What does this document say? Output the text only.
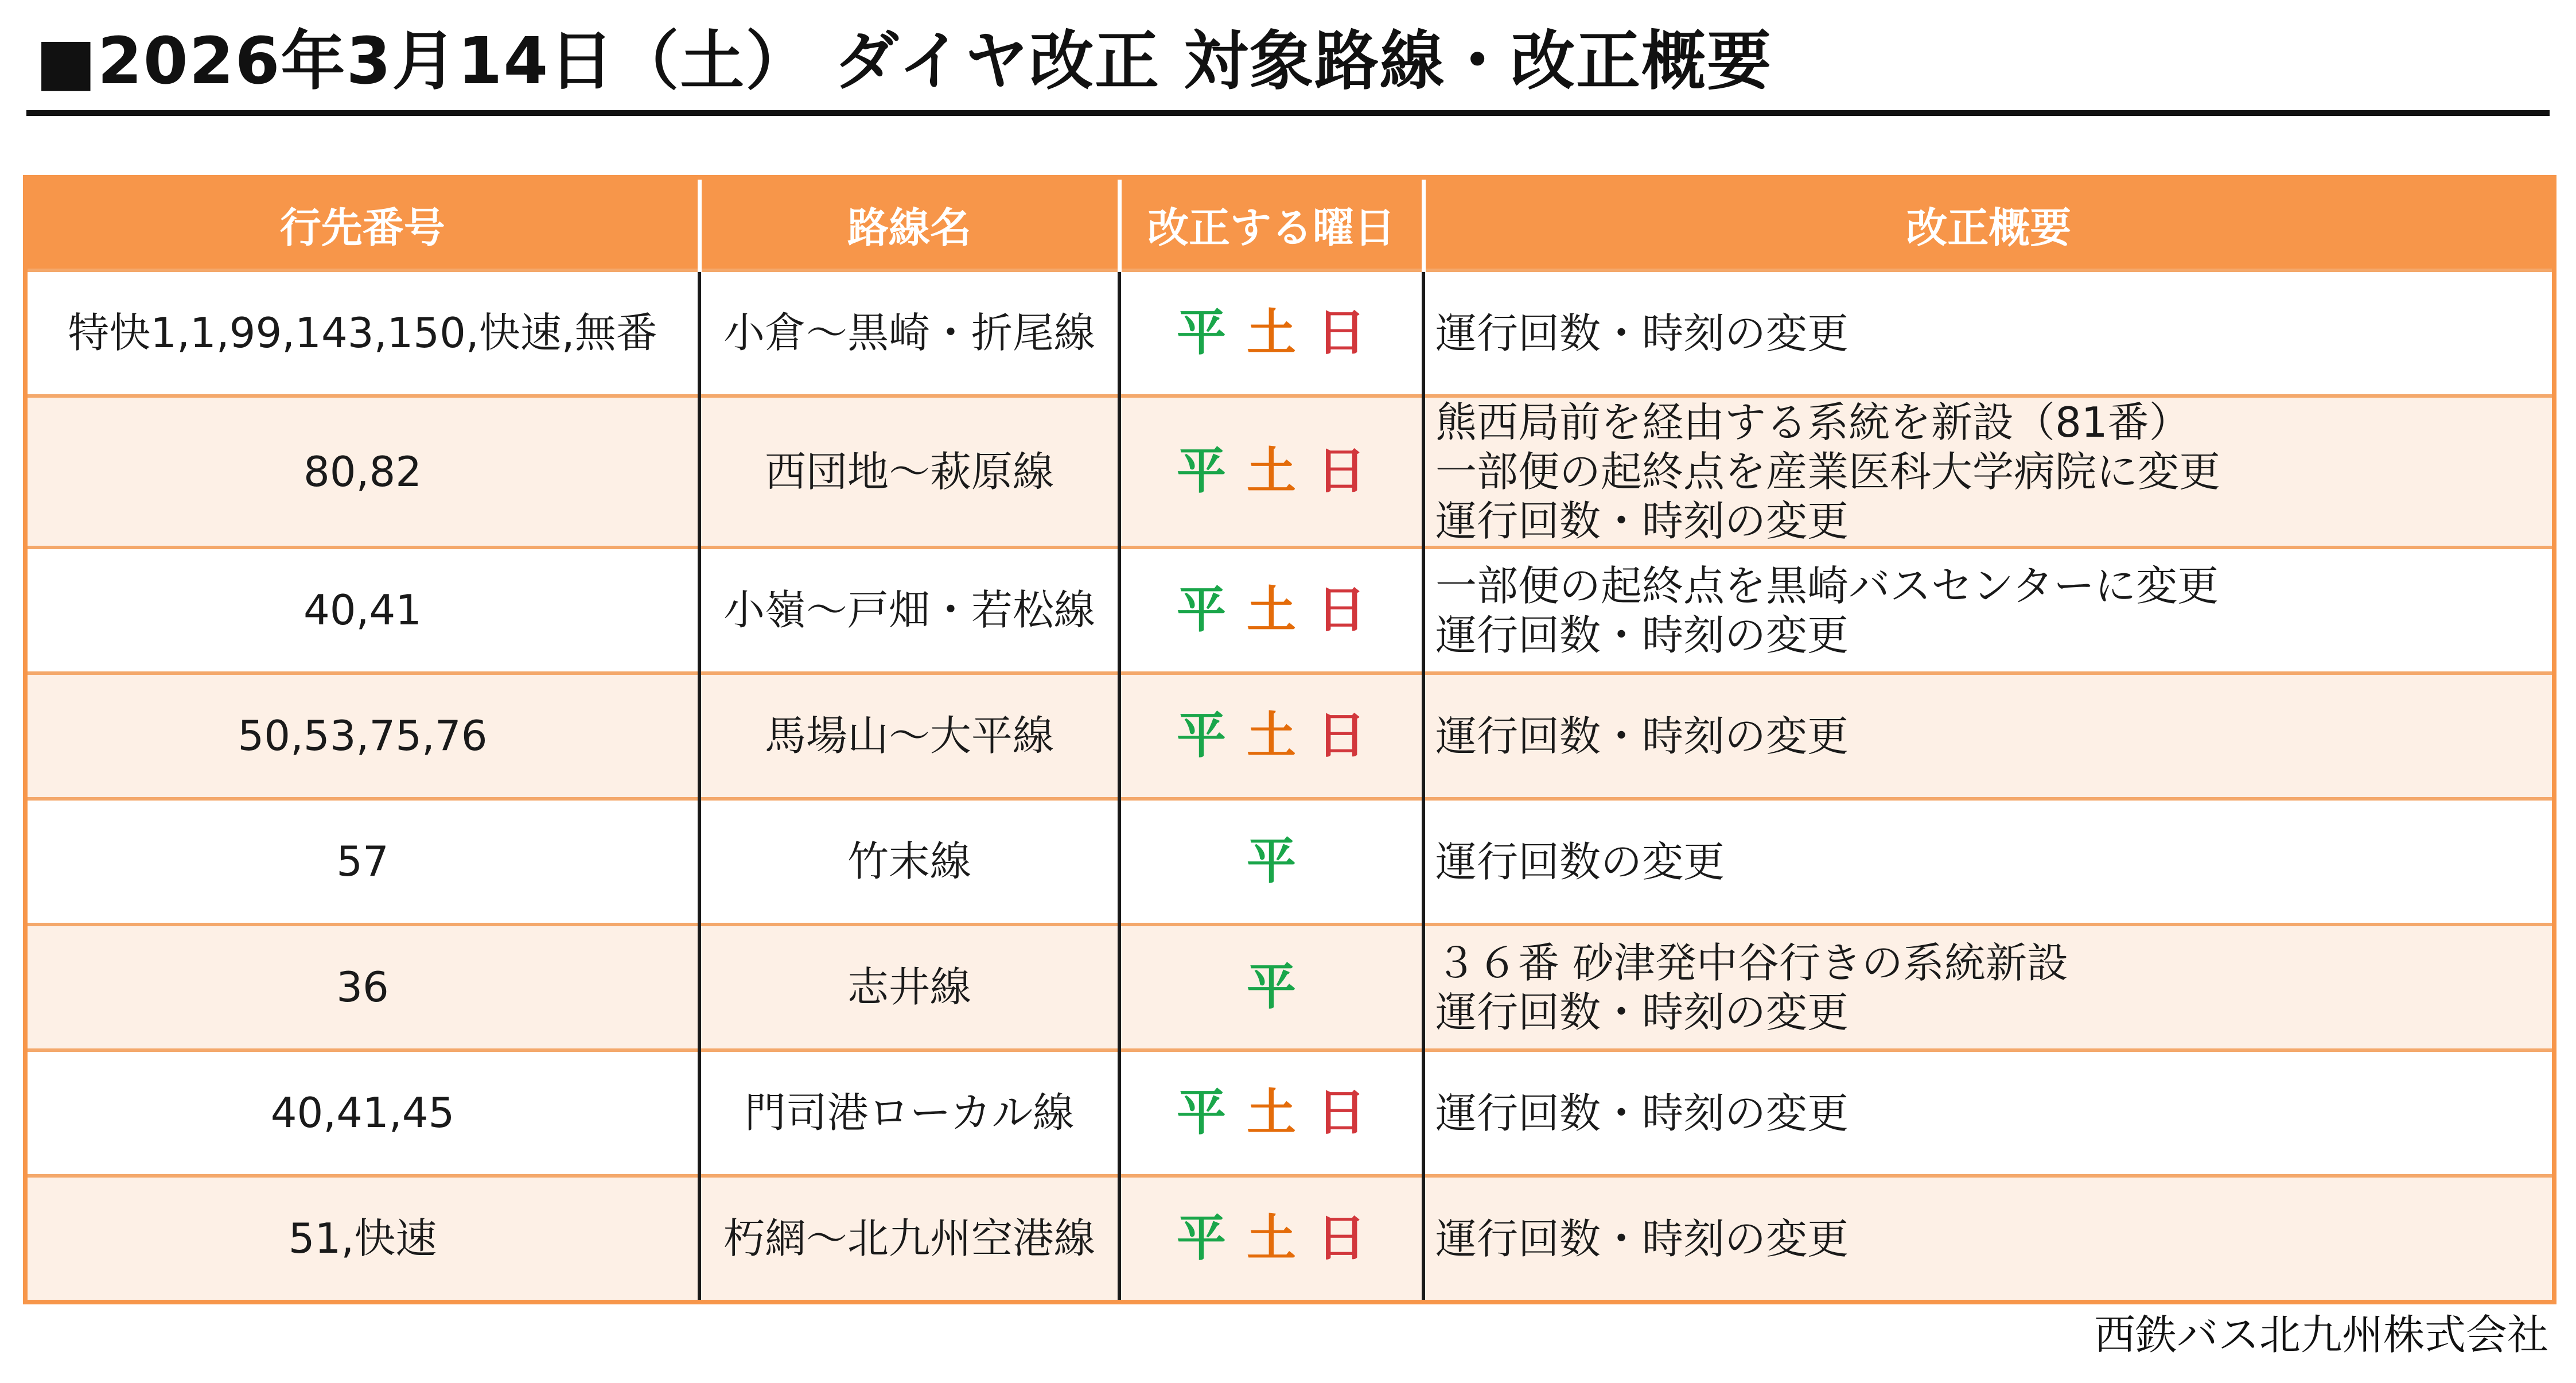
■2026年3月14日（土） ダイヤ改正 対象路線・改正概要
行先番号	路線名	改正する曜日	改正概要
特快1,1,99,143,150,快速,無番	小倉～黒崎・折尾線	平 土 日	運行回数・時刻の変更

80,82	西団地～萩原線	平 土 日	熊西局前を経由する系統を新設（81番）
一部便の起終点を産業医科大学病院に変更
運行回数・時刻の変更

40,41	小嶺～戸畑・若松線	平 土 日	一部便の起終点を黒崎バスセンターに変更
運行回数・時刻の変更

50,53,75,76	馬場山～大平線	平 土 日	運行回数・時刻の変更

57	竹末線	平	運行回数の変更

36	志井線	平	３６番 砂津発中谷行きの系統新設
運行回数・時刻の変更

40,41,45	門司港ローカル線	平 土 日	運行回数・時刻の変更

51,快速	朽網～北九州空港線	平 土 日	運行回数・時刻の変更
西鉄バス北九州株式会社
